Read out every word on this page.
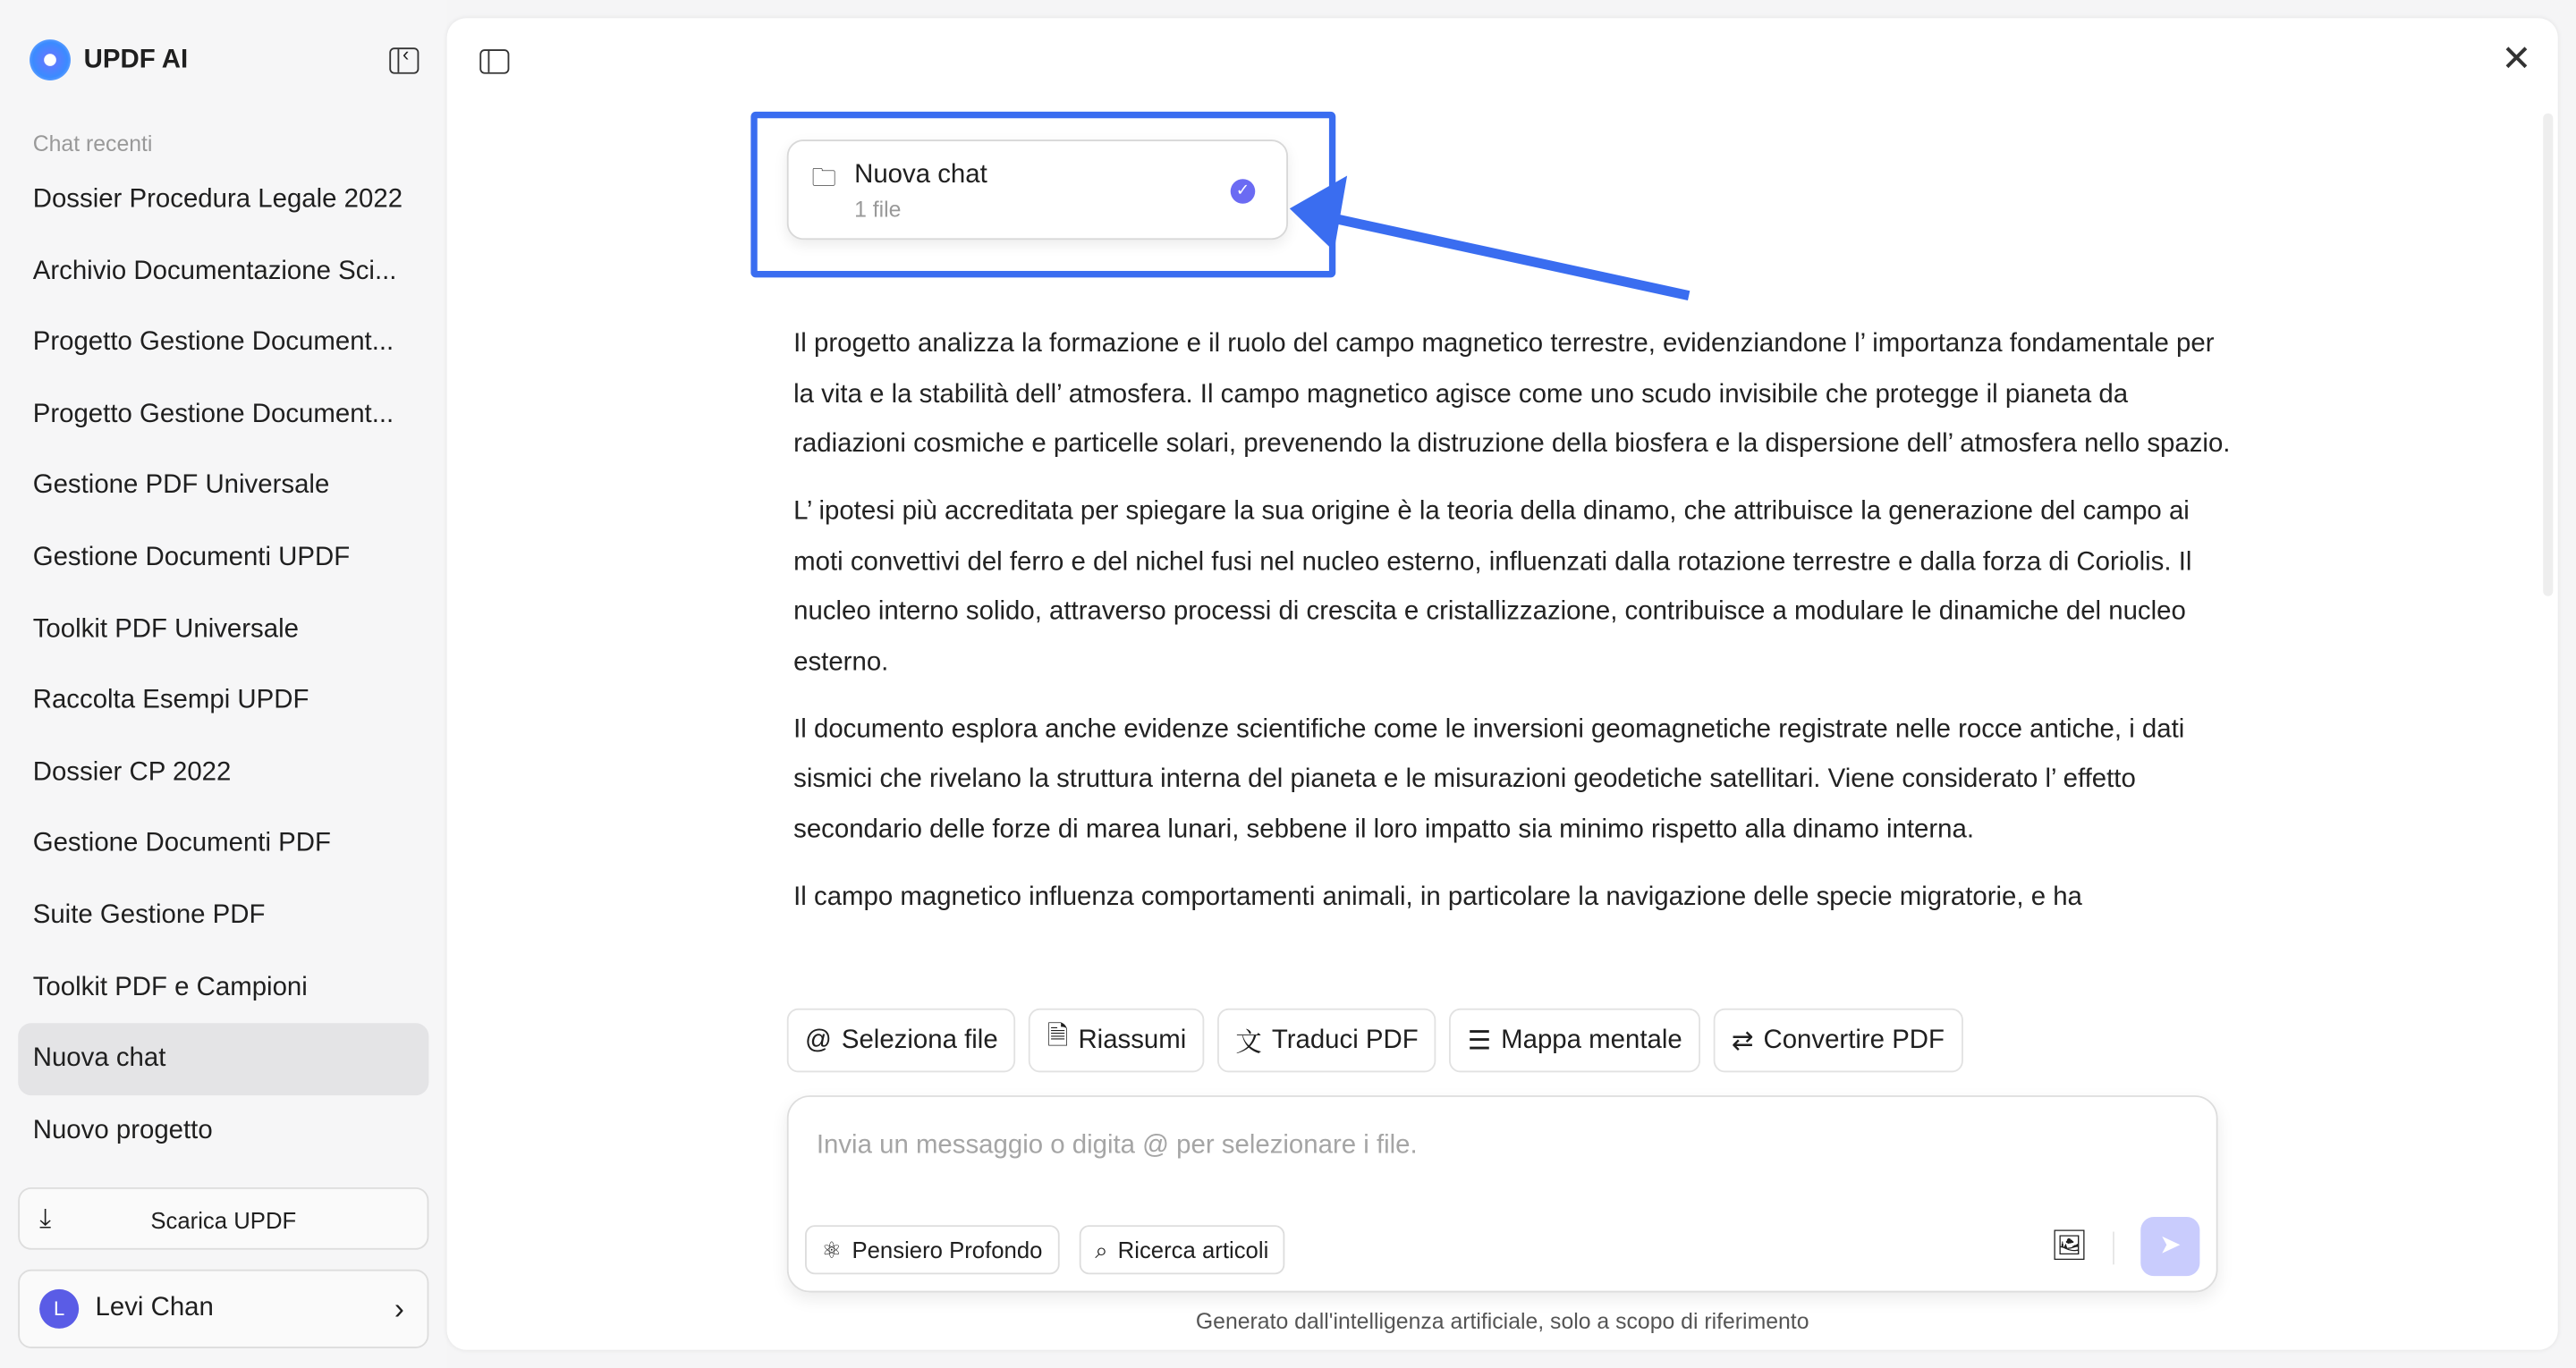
UPDF AI
‹
Chat recenti
Dossier Procedura Legale 2022
Archivio Documentazione Sci...
Progetto Gestione Document...
Progetto Gestione Document...
Gestione PDF Universale
Gestione Documenti UPDF
Toolkit PDF Universale
Raccolta Esempi UPDF
Dossier CP 2022
Gestione Documenti PDF
Suite Gestione PDF
Toolkit PDF e Campioni
Nuova chat
Nuovo progetto
⤓	Scarica UPDF
L	Levi Chan	›
✕
🗀 Nuova chat
1 file
✓

Il progetto analizza la formazione e il ruolo del campo magnetico terrestre, evidenziandone l’ importanza fondamentale per la vita e la stabilità dell’ atmosfera. Il campo magnetico agisce come uno scudo invisibile che protegge il pianeta da radiazioni cosmiche e particelle solari, prevenendo la distruzione della biosfera e la dispersione dell’ atmosfera nello spazio.

L’ ipotesi più accreditata per spiegare la sua origine è la teoria della dinamo, che attribuisce la generazione del campo ai moti convettivi del ferro e del nichel fusi nel nucleo esterno, influenzati dalla rotazione terrestre e dalla forza di Coriolis. Il nucleo interno solido, attraverso processi di crescita e cristallizzazione, contribuisce a modulare le dinamiche del nucleo esterno.

Il documento esplora anche evidenze scientifiche come le inversioni geomagnetiche registrate nelle rocce antiche, i dati sismici che rivelano la struttura interna del pianeta e le misurazioni geodetiche satellitari. Viene considerato l’ effetto secondario delle forze di marea lunari, sebbene il loro impatto sia minimo rispetto alla dinamo interna.

Il campo magnetico influenza comportamenti animali, in particolare la navigazione delle specie migratorie, e ha

@ Seleziona file	🗎 Riassumi	文 Traduci PDF	☰ Mappa mentale	⇄ Convertire PDF
Invia un messaggio o digita @ per selezionare i file.
⚛ Pensiero Profondo	⌕ Ricerca articoli	🖼	➤
Generato dall'intelligenza artificiale, solo a scopo di riferimento
